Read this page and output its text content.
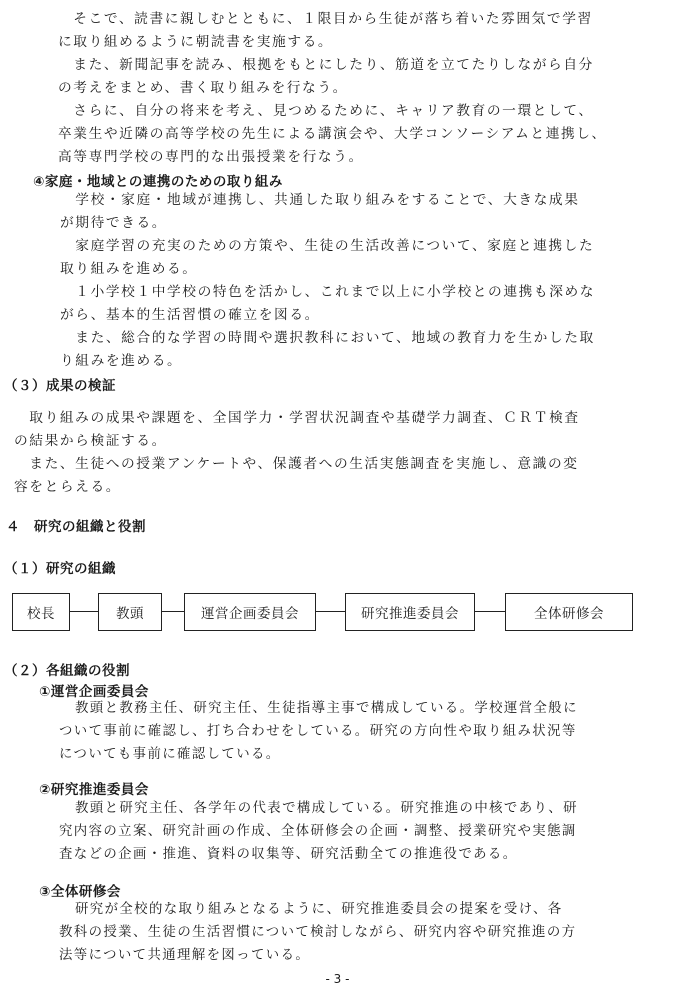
　そこで、読書に親しむとともに、１限目から生徒が落ち着いた雰囲気で学習
に取り組めるように朝読書を実施する。
　また、新聞記事を読み、根拠をもとにしたり、筋道を立てたりしながら自分
の考えをまとめ、書く取り組みを行なう。
　さらに、自分の将来を考え、見つめるために、キャリア教育の一環として、
卒業生や近隣の高等学校の先生による講演会や、大学コンソーシアムと連携し、
高等専門学校の専門的な出張授業を行なう。
④家庭・地域との連携のための取り組み
　学校・家庭・地域が連携し、共通した取り組みをすることで、大きな成果
が期待できる。
　家庭学習の充実のための方策や、生徒の生活改善について、家庭と連携した
取り組みを進める。
　１小学校１中学校の特色を活かし、これまで以上に小学校との連携も深めな
がら、基本的生活習慣の確立を図る。
　また、総合的な学習の時間や選択教科において、地域の教育力を生かした取
り組みを進める。
（３）成果の検証
　取り組みの成果や課題を、全国学力・学習状況調査や基礎学力調査、ＣＲＴ検査
の結果から検証する。
　また、生徒への授業アンケートや、保護者への生活実態調査を実施し、意識の変
容をとらえる。
４　研究の組織と役割
（１）研究の組織
校長	教頭	運営企画委員会	研究推進委員会	全体研修会
（２）各組織の役割
①運営企画委員会
教頭と教務主任、研究主任、生徒指導主事で構成している。学校運営全般に
ついて事前に確認し、打ち合わせをしている。研究の方向性や取り組み状況等
についても事前に確認している。
②研究推進委員会
教頭と研究主任、各学年の代表で構成している。研究推進の中核であり、研
究内容の立案、研究計画の作成、全体研修会の企画・調整、授業研究や実態調
査などの企画・推進、資料の収集等、研究活動全ての推進役である。
③全体研修会
研究が全校的な取り組みとなるように、研究推進委員会の提案を受け、各
教科の授業、生徒の生活習慣について検討しながら、研究内容や研究推進の方
法等について共通理解を図っている。
- 3 -
